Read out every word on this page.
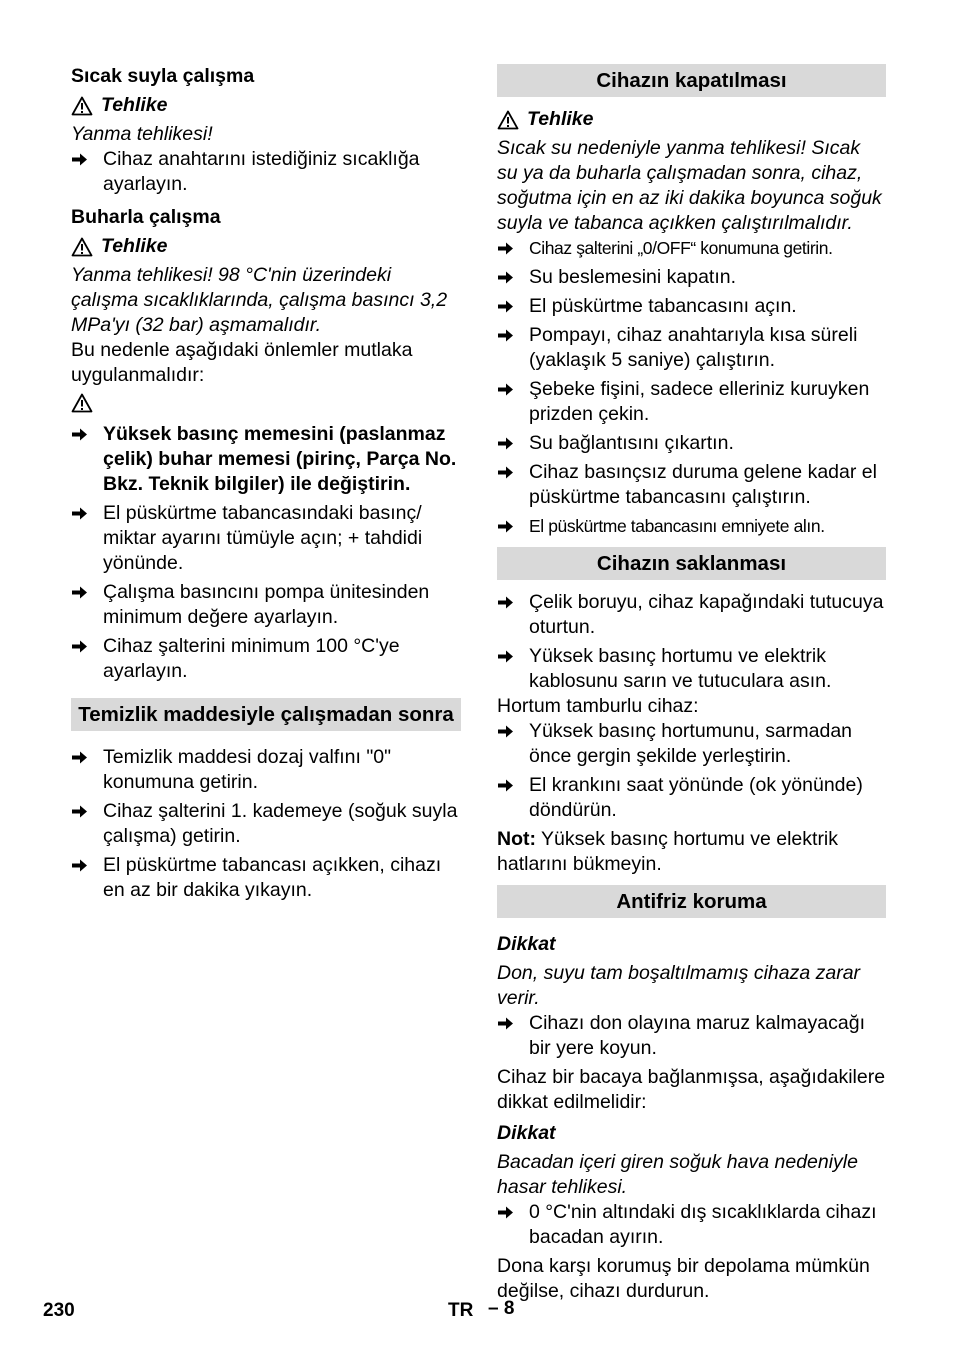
Sıcak suyla çalışma

Tehlike

Yanma tehlikesi!

Cihaz anahtarını istediğiniz sıcaklığa ayarlayın.

Buharla çalışma

Tehlike

Yanma tehlikesi! 98 °C'nin üzerindeki çalışma sıcaklıklarında, çalışma basıncı 3,2 MPa'yı (32 bar) aşmamalıdır.

Bu nedenle aşağıdaki önlemler mutlaka uygulanmalıdır:

Yüksek basınç memesini (paslanmaz çelik) buhar memesi (pirinç, Parça No. Bkz. Teknik bilgiler) ile değiştirin.
El püskürtme tabancasındaki basınç/ miktar ayarını tümüyle açın; + tahdidi yönünde.
Çalışma basıncını pompa ünitesinden minimum değere ayarlayın.
Cihaz şalterini minimum 100 °C'ye ayarlayın.

Temizlik maddesiyle çalışmadan sonra

Temizlik maddesi dozaj valfını "0" konumuna getirin.
Cihaz şalterini 1. kademeye (soğuk suyla çalışma) getirin.
El püskürtme tabancası açıkken, cihazı en az bir dakika yıkayın.

Cihazın kapatılması

Tehlike

Sıcak su nedeniyle yanma tehlikesi! Sıcak su ya da buharla çalışmadan sonra, cihaz, soğutma için en az iki dakika boyunca soğuk suyla ve tabanca açıkken çalıştırılmalıdır.

Cihaz şalterini „0/OFF“ konumuna getirin.
Su beslemesini kapatın.
El püskürtme tabancasını açın.
Pompayı, cihaz anahtarıyla kısa süreli (yaklaşık 5 saniye) çalıştırın.
Şebeke fişini, sadece elleriniz kuruyken prizden çekin.
Su bağlantısını çıkartın.
Cihaz basınçsız duruma gelene kadar el püskürtme tabancasını çalıştırın.
El püskürtme tabancasını emniyete alın.

Cihazın saklanması

Çelik boruyu, cihaz kapağındaki tutucuya oturtun.
Yüksek basınç hortumu ve elektrik kablosunu sarın ve tutuculara asın.

Hortum tamburlu cihaz:

Yüksek basınç hortumunu, sarmadan önce gergin şekilde yerleştirin.
El krankını saat yönünde (ok yönünde) döndürün.

Not: Yüksek basınç hortumu ve elektrik hatlarını bükmeyin.

Antifriz koruma

Dikkat

Don, suyu tam boşaltılmamış cihaza zarar verir.

Cihazı don olayına maruz kalmayacağı bir yere koyun.

Cihaz bir bacaya bağlanmışsa, aşağıdakilere dikkat edilmelidir:

Dikkat

Bacadan içeri giren soğuk hava nedeniyle hasar tehlikesi.

0 °C'nin altındaki dış sıcaklıklarda cihazı bacadan ayırın.

Dona karşı korumuş bir depolama mümkün değilse, cihazı durdurun.

230	TR – 8
